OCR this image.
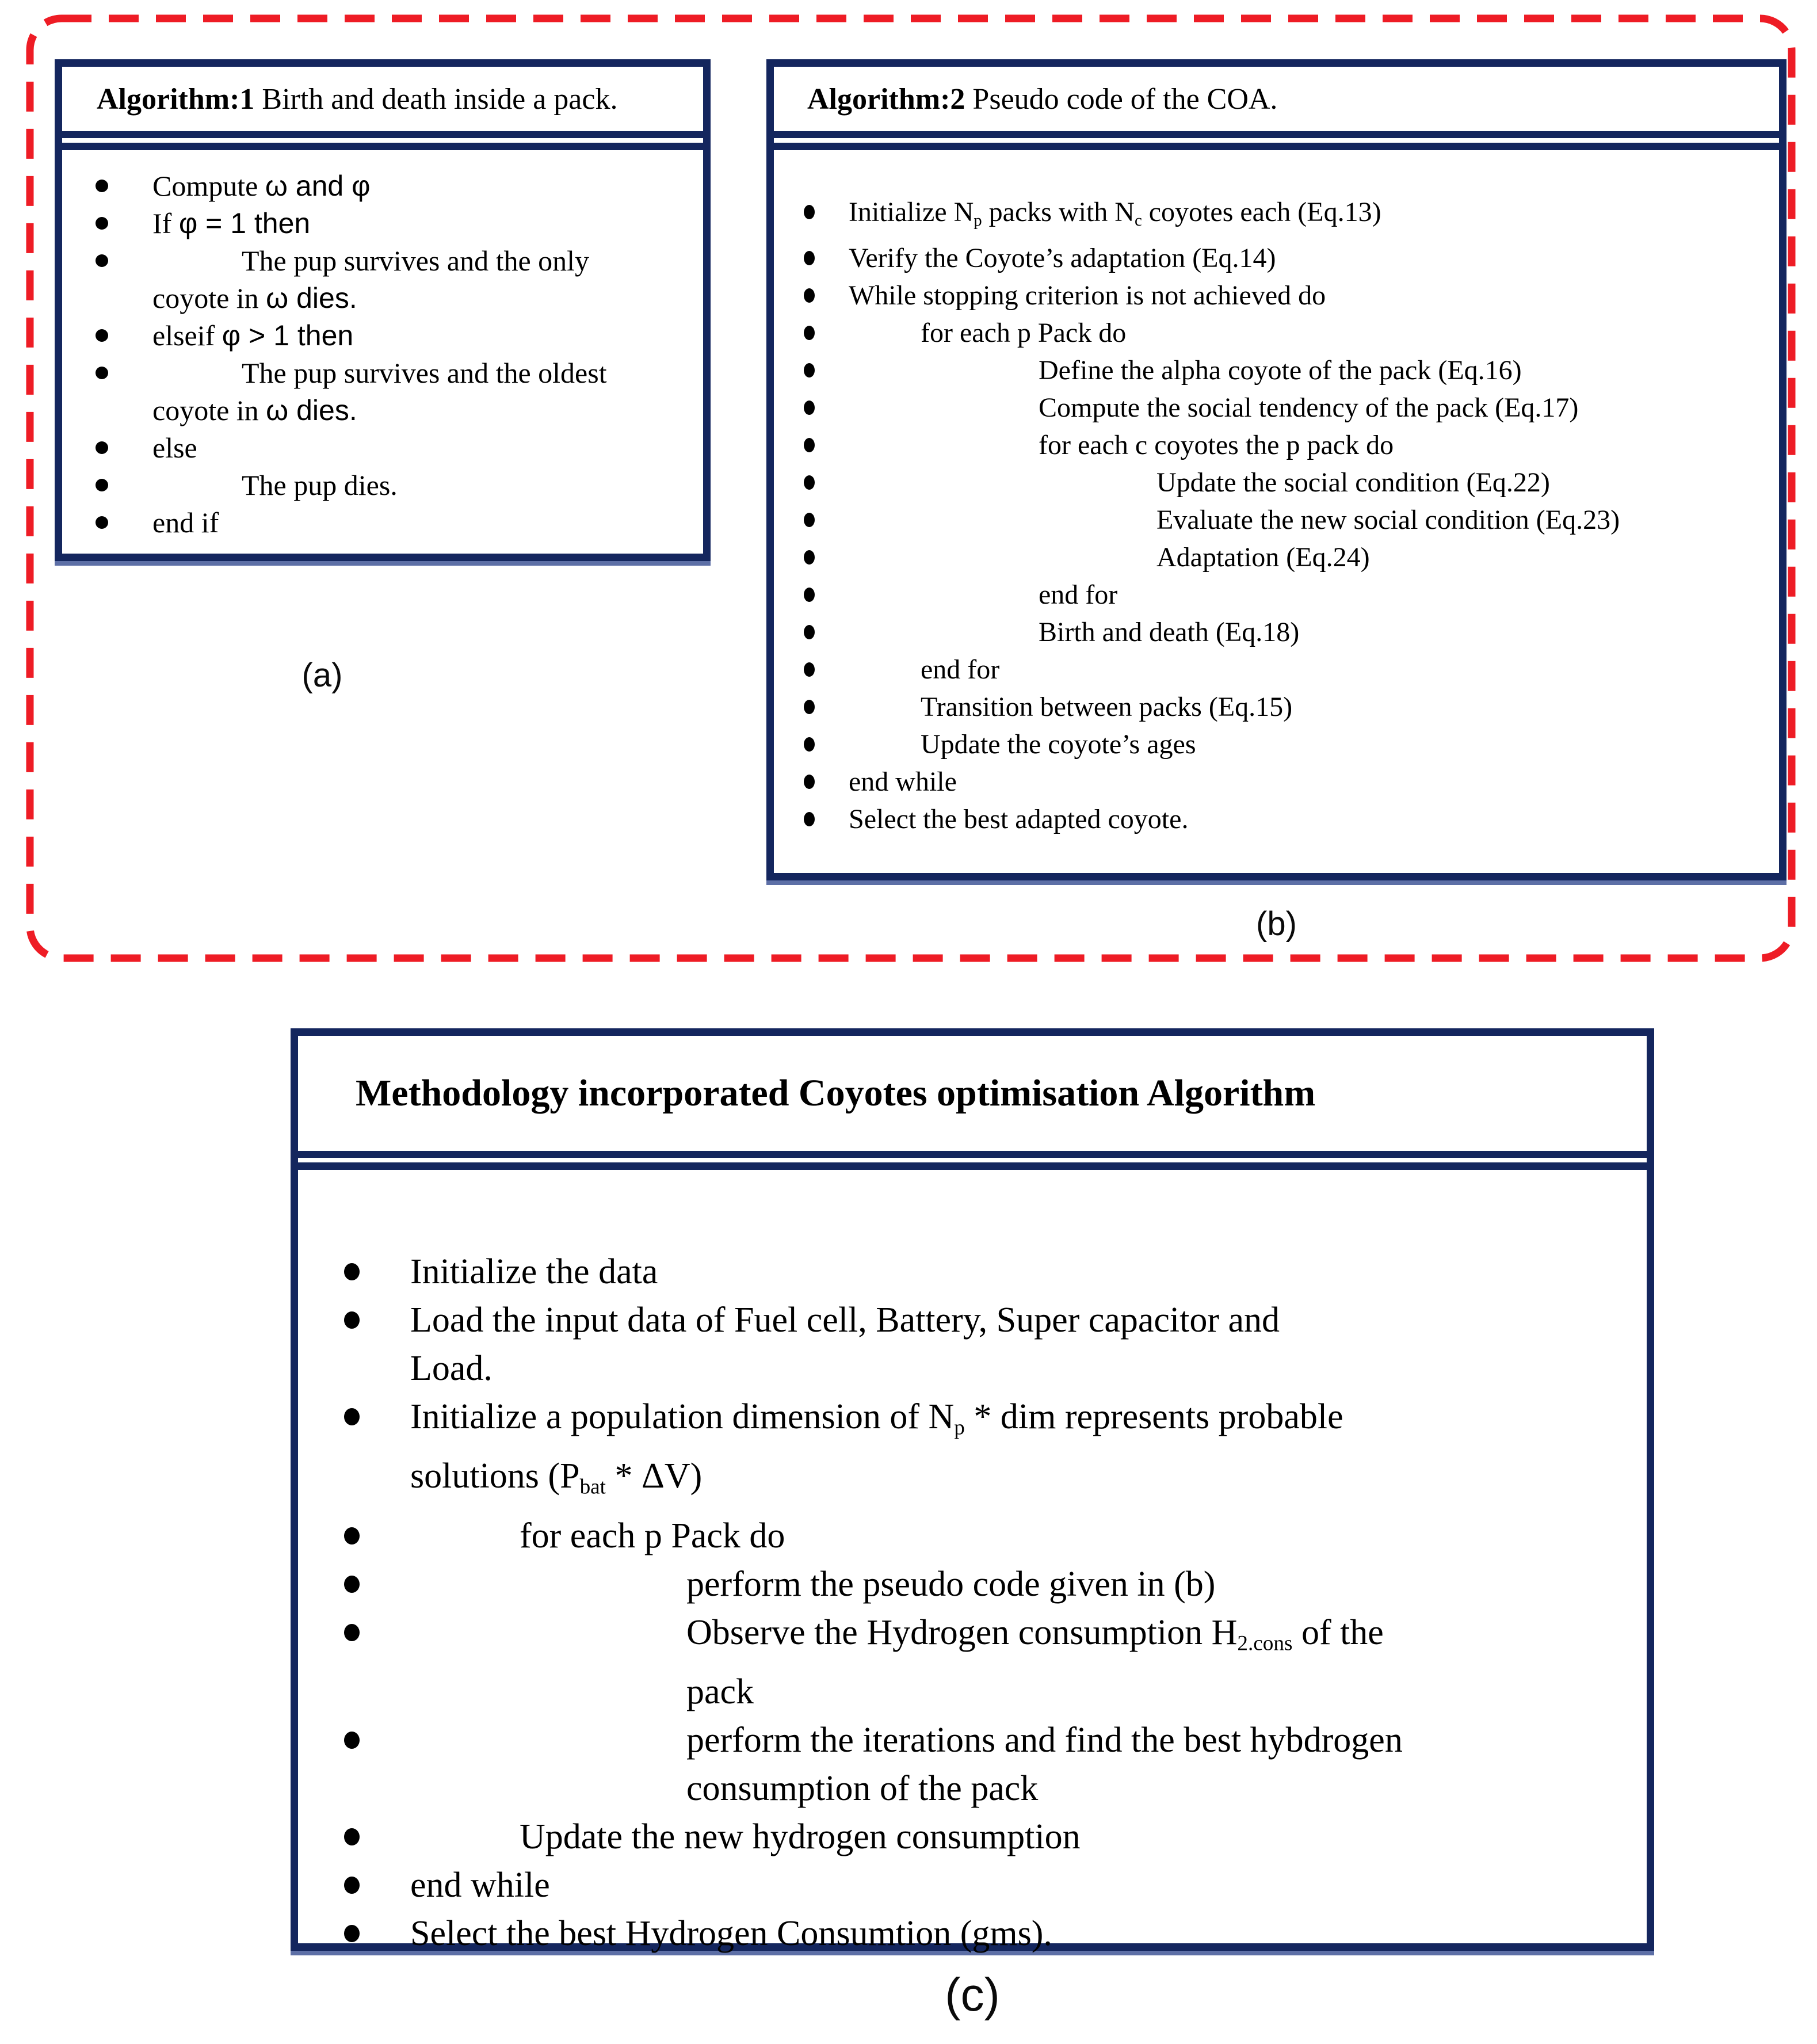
Algorithm:1 Birth and death inside a pack.
Compute ω and φ
If φ = 1 then
The pup survives and the only
coyote in ω dies.
elseif φ > 1 then
The pup survives and the oldest
coyote in ω dies.
else
The pup dies.
end if
Algorithm:2 Pseudo code of the COA.
Initialize $N_p$ packs with $N_c$ coyotes each (Eq.13)
Verify the Coyote’s adaptation (Eq.14)
While stopping criterion is not achieved do
for each p Pack do
Define the alpha coyote of the pack (Eq.16)
Compute the social tendency of the pack (Eq.17)
for each c coyotes the p pack do
Update the social condition (Eq.22)
Evaluate the new social condition (Eq.23)
Adaptation (Eq.24)
end for
Birth and death (Eq.18)
end for
Transition between packs (Eq.15)
Update the coyote’s ages
end while
Select the best adapted coyote.
Methodology incorporated Coyotes optimisation Algorithm
Initialize the data
Load the input data of Fuel cell, Battery, Super capacitor and
Load.
Initialize a population dimension of $N_p$ * dim represents probable
solutions $(P_{bat} * \Delta V)$
for each p Pack do
perform the pseudo code given in (b)
Observe the Hydrogen consumption $H_{2.cons}$ of the
pack
perform the iterations and find the best hybdrogen
consumption of the pack
Update the new hydrogen consumption
end while
Select the best Hydrogen Consumtion (gms).
(a)
(b)
(c)
